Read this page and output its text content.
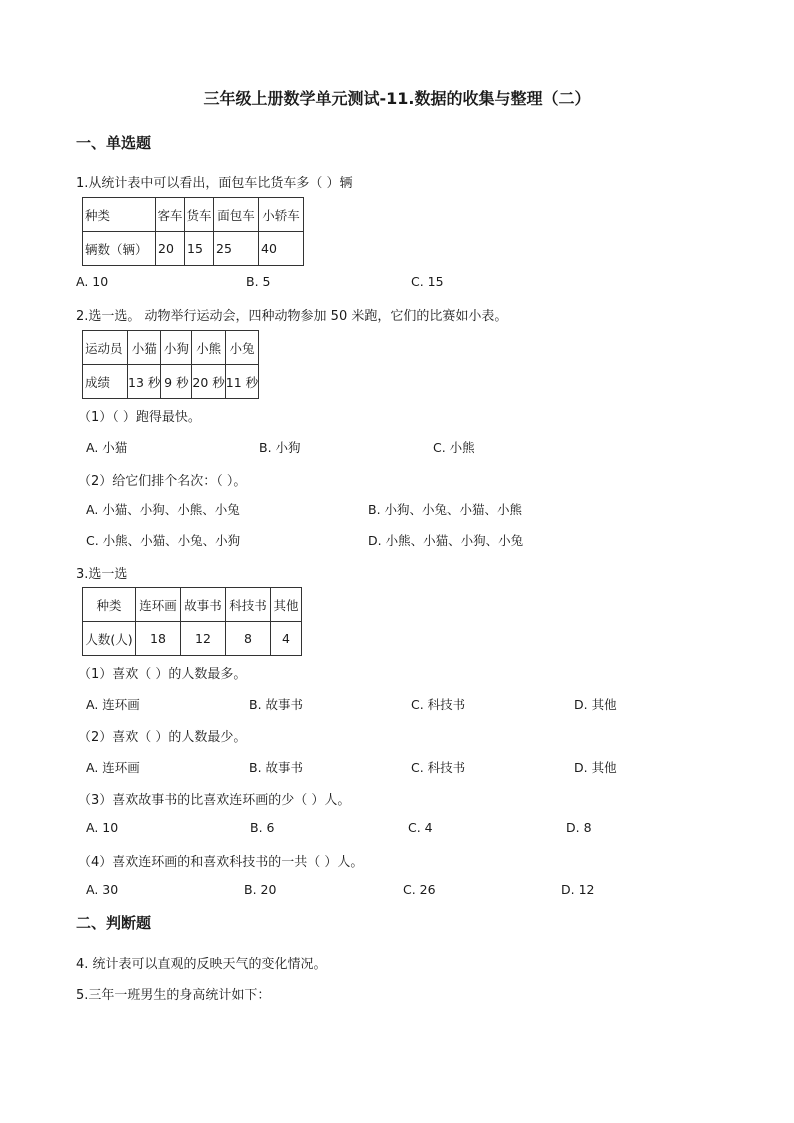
三年级上册数学单元测试-11.数据的收集与整理（二）
一、单选题
1.从统计表中可以看出，面包车比货车多（ ）辆
种类	客车	货车	面包车	小轿车
辆数（辆）	20	15	25	40
A. 10	B. 5	C. 15
2.选一选。 动物举行运动会，四种动物参加 50 米跑，它们的比赛如小表。
运动员	小猫	小狗	小熊	小兔
成绩	13 秒	9 秒	20 秒	11 秒
（1）（ ）跑得最快。
A. 小猫	B. 小狗	C. 小熊
（2）给它们排个名次：（ ）。
A. 小猫、小狗、小熊、小兔	B. 小狗、小兔、小猫、小熊
C. 小熊、小猫、小兔、小狗	D. 小熊、小猫、小狗、小兔
3.选一选
种类	连环画	故事书	科技书	其他
人数(人)	18	12	8	4
（1）喜欢（ ）的人数最多。
A. 连环画	B. 故事书	C. 科技书	D. 其他
（2）喜欢（ ）的人数最少。
A. 连环画	B. 故事书	C. 科技书	D. 其他
（3）喜欢故事书的比喜欢连环画的少（ ）人。
A. 10	B. 6	C. 4	D. 8
（4）喜欢连环画的和喜欢科技书的一共（ ）人。
A. 30	B. 20	C. 26	D. 12
二、判断题
4. 统计表可以直观的反映天气的变化情况。
5.三年一班男生的身高统计如下：
